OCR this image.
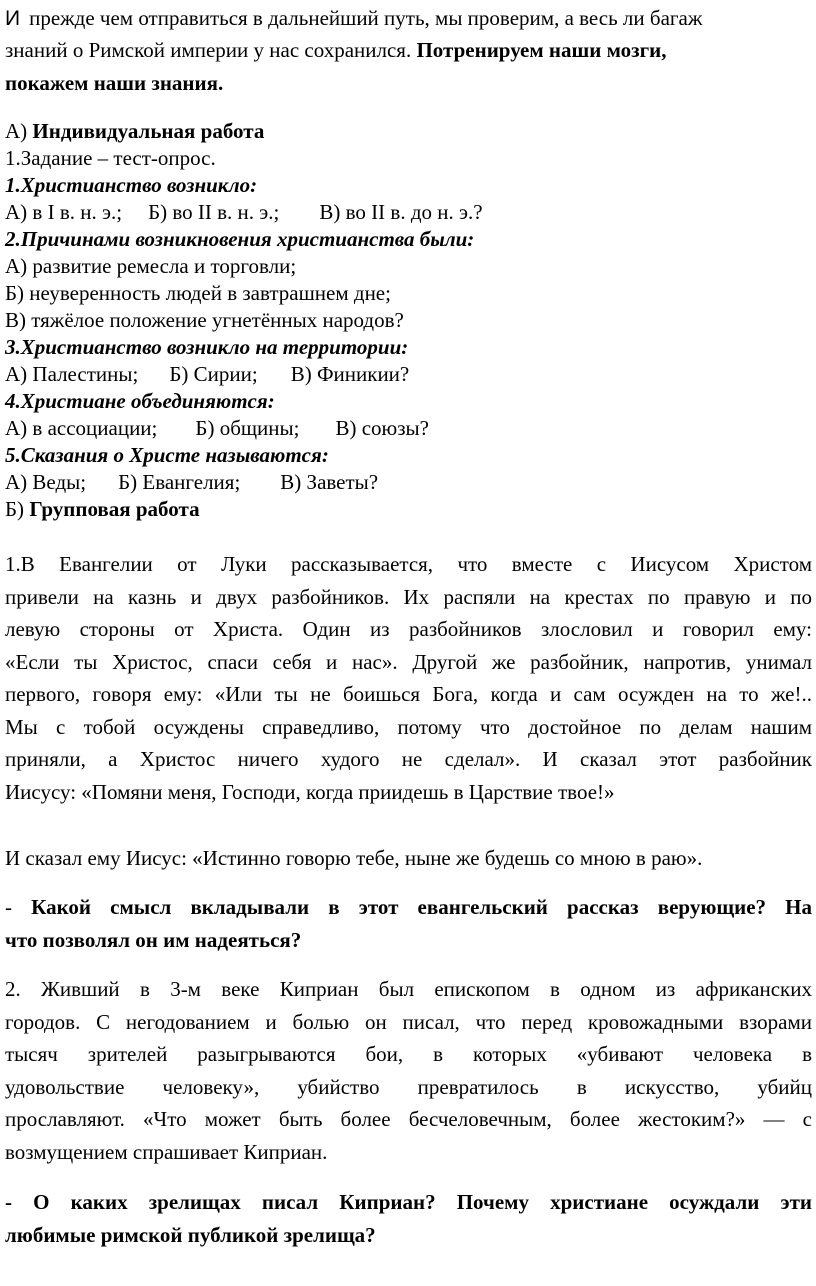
И прежде чем отправиться в дальнейший путь, мы проверим, а весь ли багаж
знаний о Римской империи у нас сохранился. Потренируем наши мозги,
покажем наши знания.
А) Индивидуальная работа
1.Задание – тест-опрос.
1.Христианство возникло:
А) в I в. н. э.; Б) во II в. н. э.; В) во II в. до н. э.?
2.Причинами возникновения христианства были:
А) развитие ремесла и торговли;
Б) неуверенность людей в завтрашнем дне;
В) тяжёлое положение угнетённых народов?
3.Христианство возникло на территории:
А) Палестины; Б) Сирии; В) Финикии?
4.Христиане объединяются:
А) в ассоциации; Б) общины; В) союзы?
5.Сказания о Христе называются:
А) Веды; Б) Евангелия; В) Заветы?
Б) Групповая работа
1.В Евангелии от Луки рассказывается, что вместе с Иисусом Христом
привели на казнь и двух разбойников. Их распяли на крестах по правую и по
левую стороны от Христа. Один из разбойников злословил и говорил ему:
«Если ты Христос, спаси себя и нас». Другой же разбойник, напротив, унимал
первого, говоря ему: «Или ты не боишься Бога, когда и сам осужден на то же!..
Мы с тобой осуждены справедливо, потому что достойное по делам нашим
приняли, а Христос ничего худого не сделал». И сказал этот разбойник
Иисусу: «Помяни меня, Господи, когда приидешь в Царствие твое!»
И сказал ему Иисус: «Истинно говорю тебе, ныне же будешь со мною в раю».
- Какой смысл вкладывали в этот евангельский рассказ верующие? На
что позволял он им надеяться?
2. Живший в 3-м веке Киприан был епископом в одном из африканских
городов. С негодованием и болью он писал, что перед кровожадными взорами
тысяч зрителей разыгрываются бои, в которых «убивают человека в
удовольствие человеку», убийство превратилось в искусство, убийц
прославляют. «Что может быть более бесчеловечным, более жестоким?» — с
возмущением спрашивает Киприан.
- О каких зрелищах писал Киприан? Почему христиане осуждали эти
любимые римской публикой зрелища?
